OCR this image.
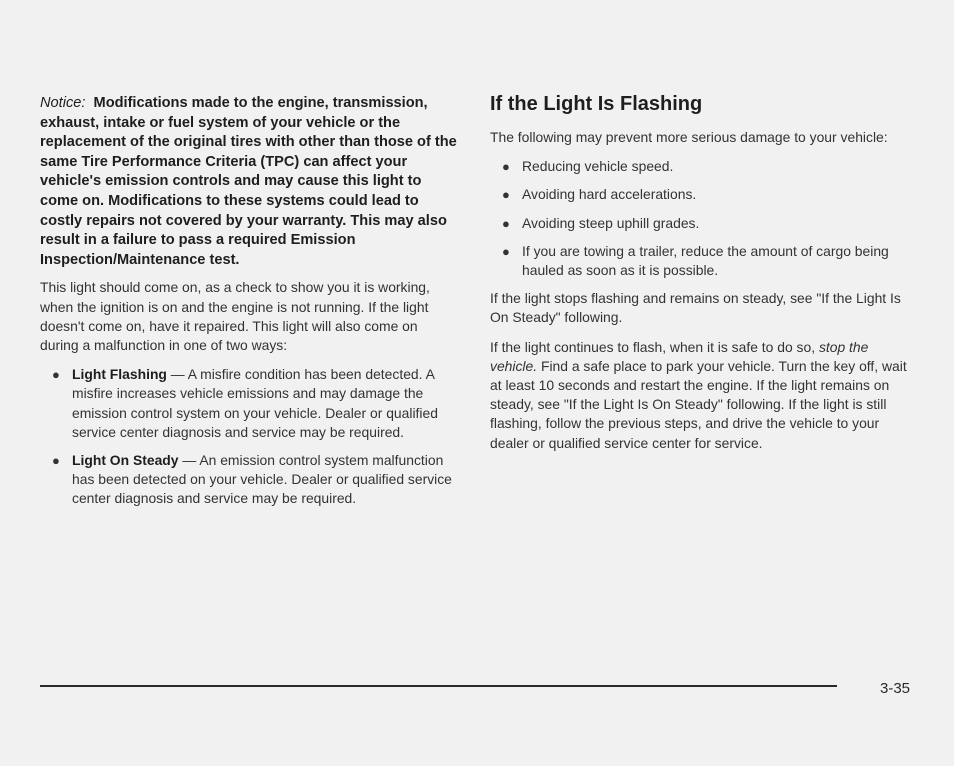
Notice: Modifications made to the engine, transmission, exhaust, intake or fuel system of your vehicle or the replacement of the original tires with other than those of the same Tire Performance Criteria (TPC) can affect your vehicle's emission controls and may cause this light to come on. Modifications to these systems could lead to costly repairs not covered by your warranty. This may also result in a failure to pass a required Emission Inspection/Maintenance test.

This light should come on, as a check to show you it is working, when the ignition is on and the engine is not running. If the light doesn't come on, have it repaired. This light will also come on during a malfunction in one of two ways:

● Light Flashing — A misfire condition has been detected. A misfire increases vehicle emissions and may damage the emission control system on your vehicle. Dealer or qualified service center diagnosis and service may be required.
● Light On Steady — An emission control system malfunction has been detected on your vehicle. Dealer or qualified service center diagnosis and service may be required.
If the Light Is Flashing

The following may prevent more serious damage to your vehicle:

● Reducing vehicle speed.
● Avoiding hard accelerations.
● Avoiding steep uphill grades.
● If you are towing a trailer, reduce the amount of cargo being hauled as soon as it is possible.

If the light stops flashing and remains on steady, see "If the Light Is On Steady" following.

If the light continues to flash, when it is safe to do so, stop the vehicle. Find a safe place to park your vehicle. Turn the key off, wait at least 10 seconds and restart the engine. If the light remains on steady, see "If the Light Is On Steady" following. If the light is still flashing, follow the previous steps, and drive the vehicle to your dealer or qualified service center for service.

3-35
